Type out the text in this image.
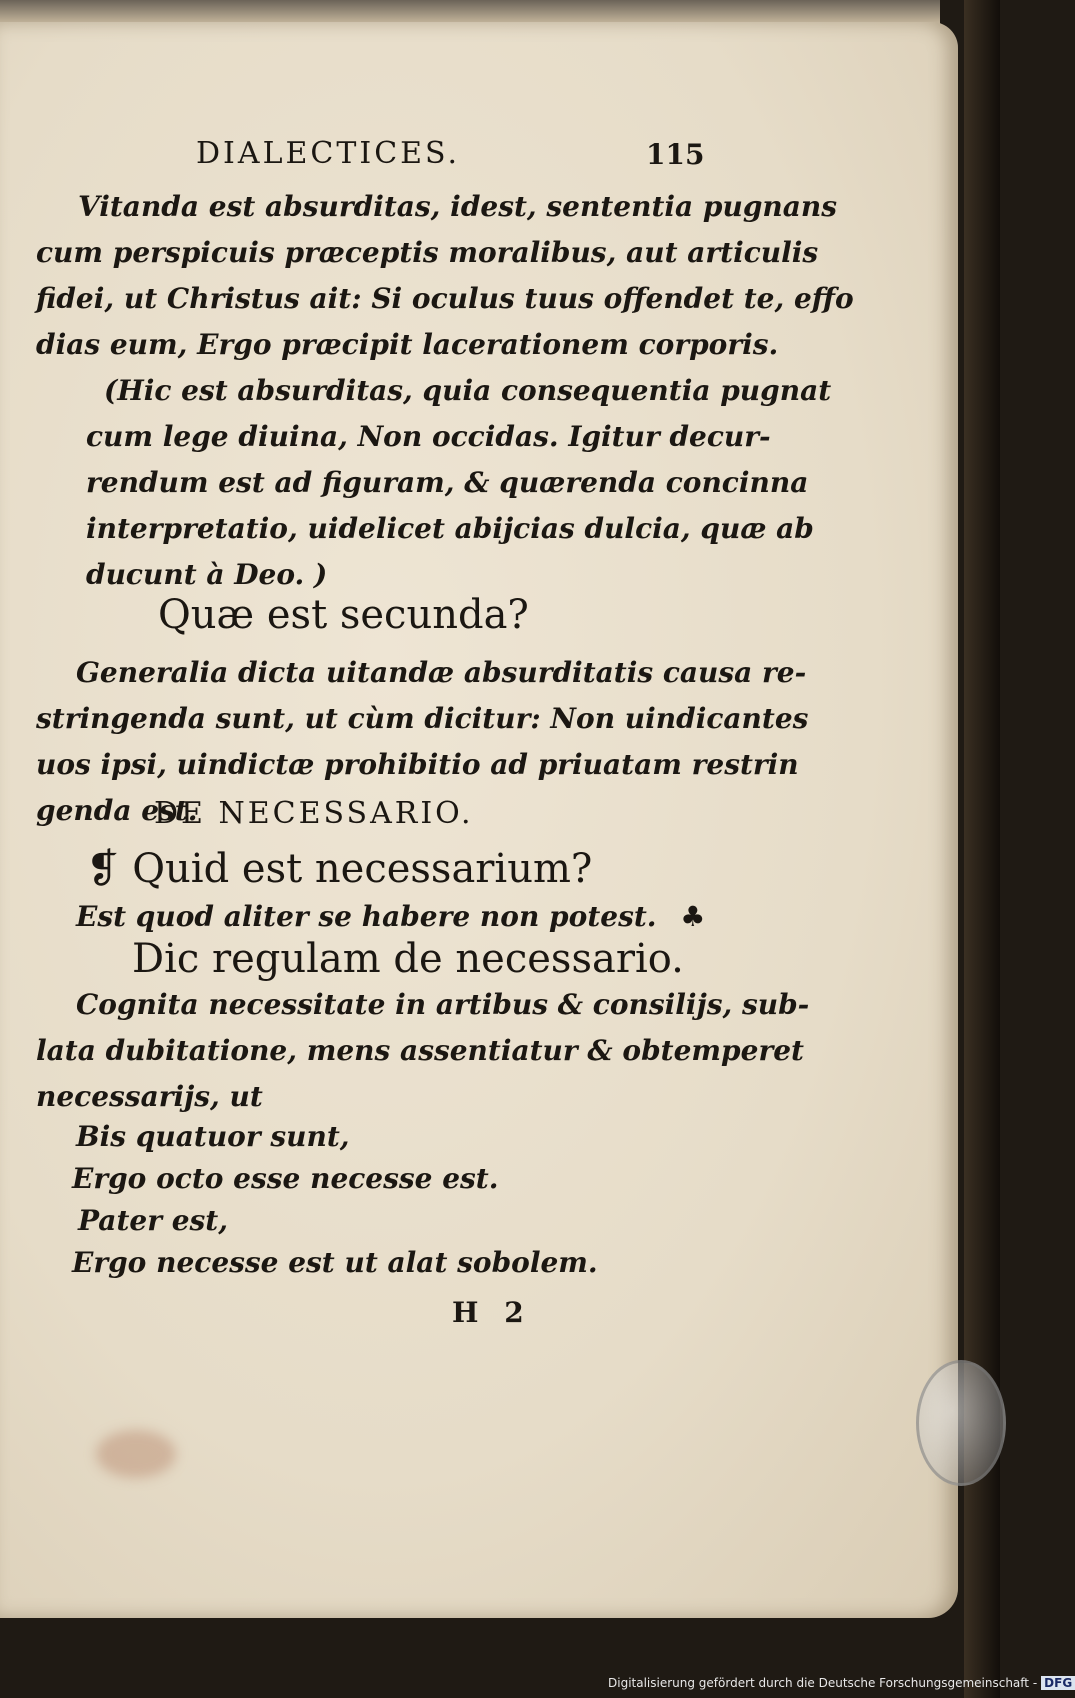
DIALECTICES.	115
Vitanda est absurditas, idest, sententia pugnans
cum perspicuis præceptis moralibus, aut articulis
fidei, ut Christus ait: Si oculus tuus offendet te, effo
dias eum, Ergo præcipit lacerationem corporis.
(Hic est absurditas, quia consequentia pugnat
cum lege diuina, Non occidas. Igitur decur-
rendum est ad figuram, & quærenda concinna
interpretatio, uidelicet abijcias dulcia, quæ ab
ducunt à Deo. )
Quæ est secunda?
Generalia dicta uitandæ absurditatis causa re-
stringenda sunt, ut cùm dicitur: Non uindicantes
uos ipsi, uindictæ prohibitio ad priuatam restrin
genda est.
DE NECESSARIO.
❡ Quid est necessarium?
Est quod aliter se habere non potest. ♣
Dic regulam de necessario.
Cognita necessitate in artibus & consilijs, sub-
lata dubitatione, mens assentiatur & obtemperet
necessarijs, ut
Bis quatuor sunt,
Ergo octo esse necesse est.
Pater est,
Ergo necesse est ut alat sobolem.
H 2
Digitalisierung gefördert durch die Deutsche Forschungsgemeinschaft - DFG
